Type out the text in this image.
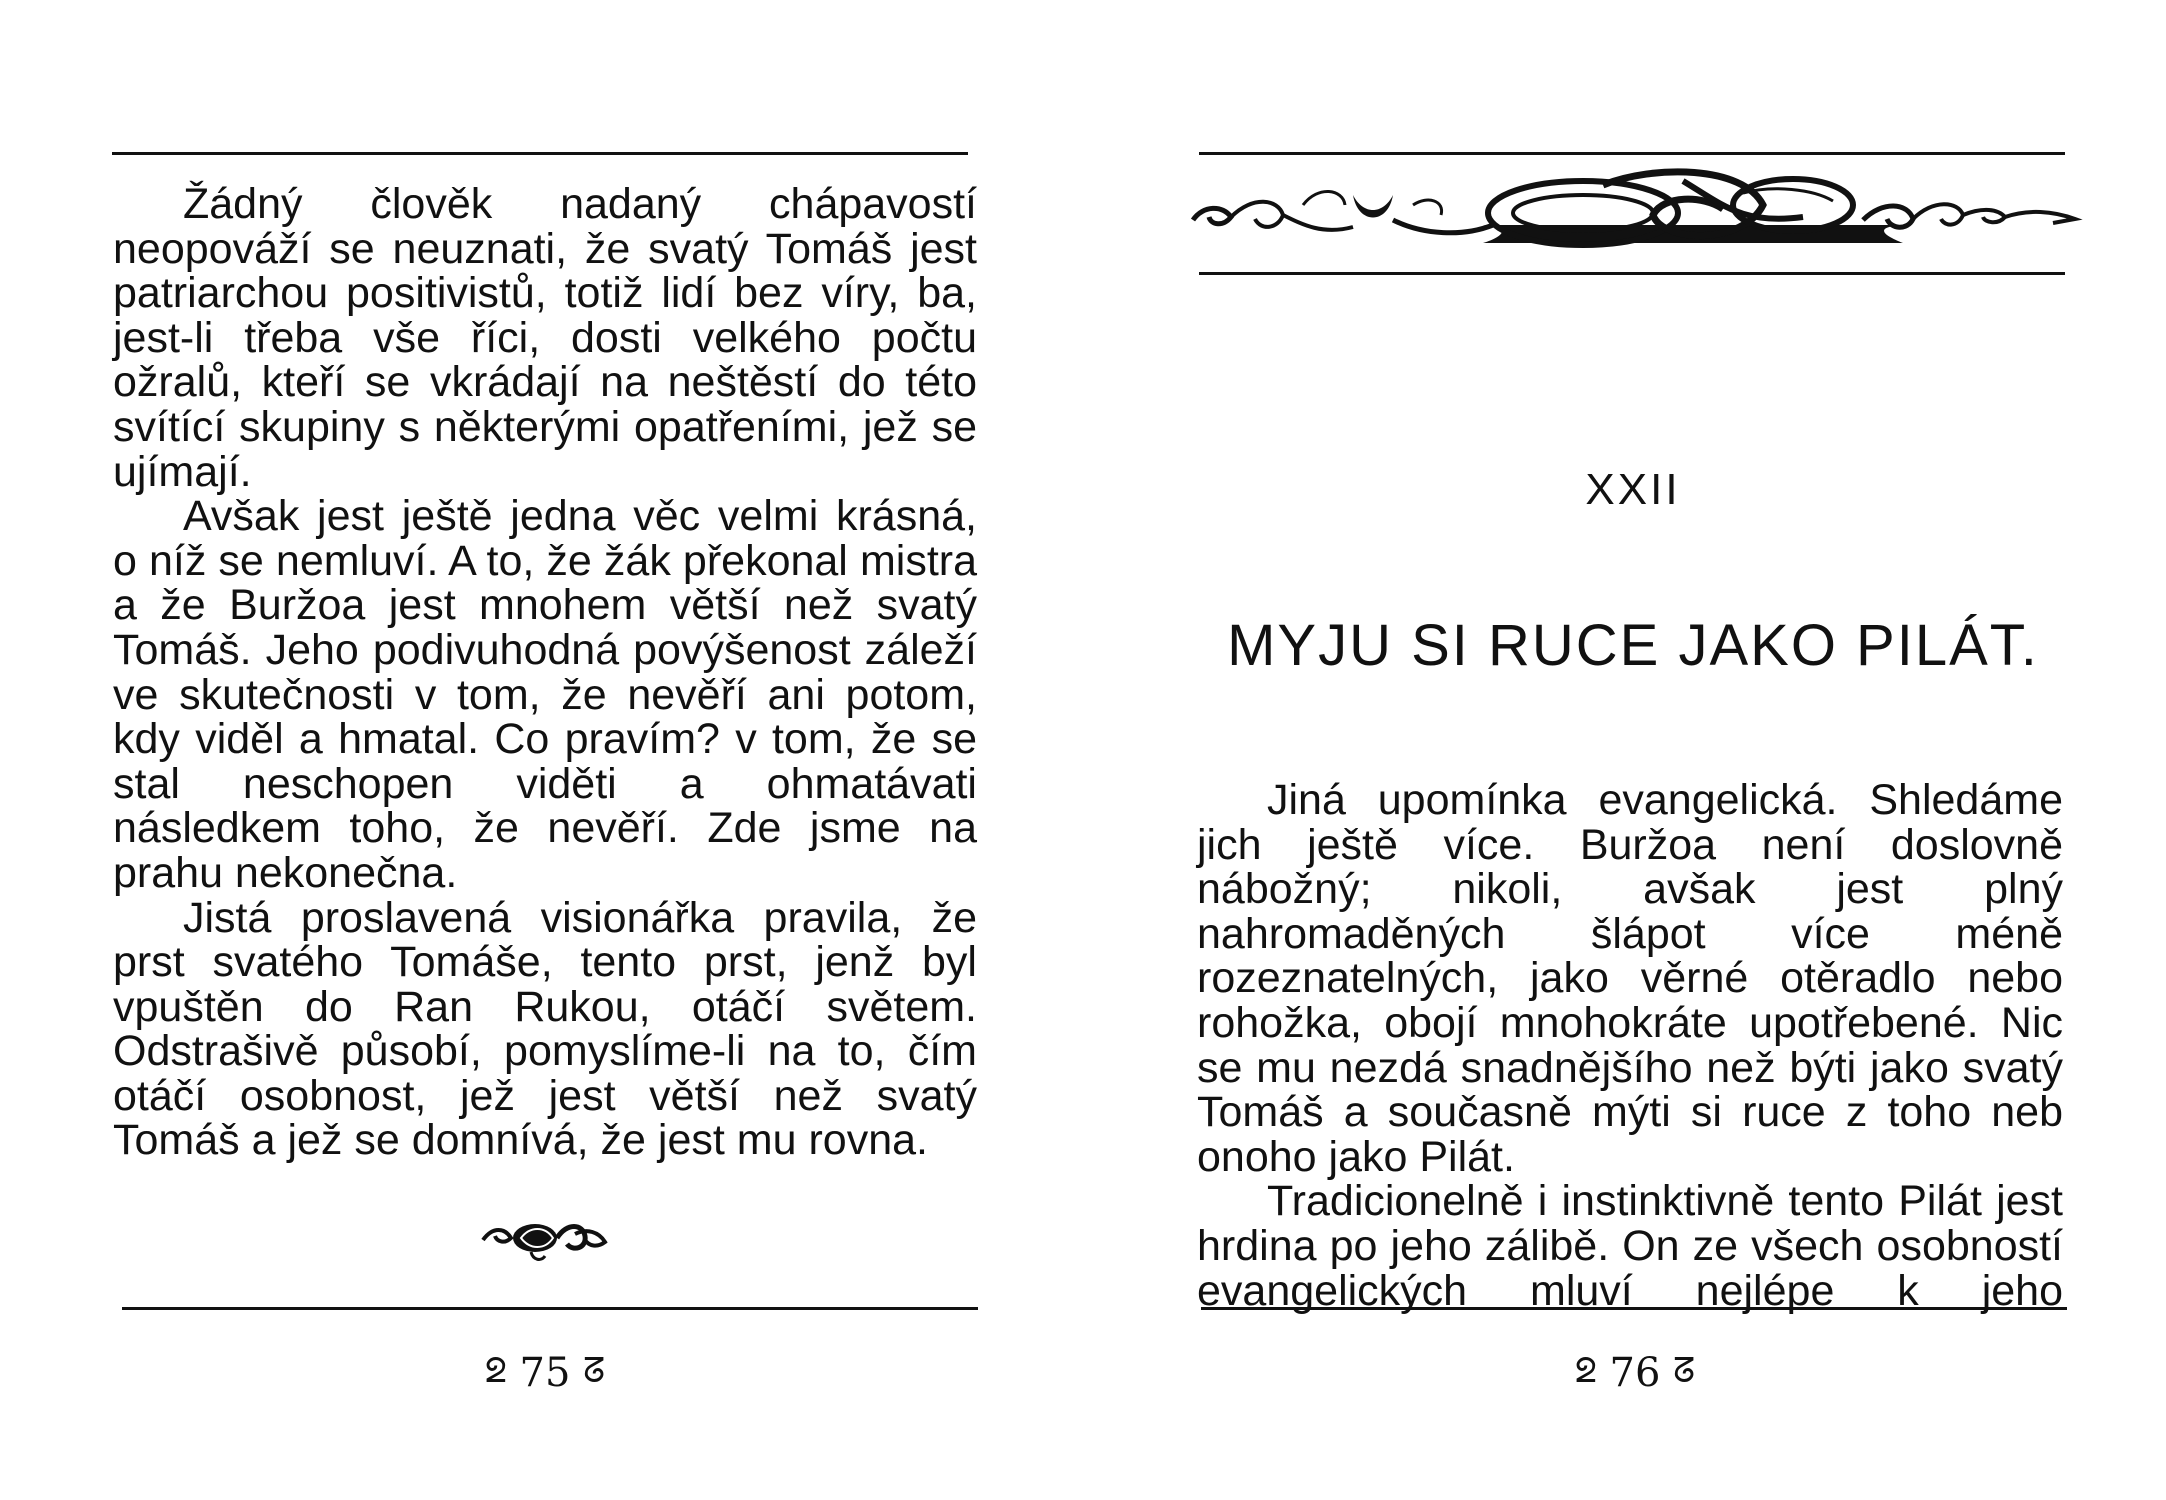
Žádný člověk nadaný chápavostí neopováží se neuznati, že svatý Tomáš jest patriarchou positivistů, totiž lidí bez víry, ba, jest-li třeba vše říci, dosti velkého počtu ožralů, kteří se vkrádají na neštěstí do této svítící skupiny s některými opatřeními, jež se ujímají.

Avšak jest ještě jedna věc velmi krásná, o níž se nemluví. A to, že žák překonal mistra a že Buržoa jest mnohem větší než svatý Tomáš. Jeho podivuhodná povýšenost záleží ve skutečnosti v tom, že nevěří ani potom, kdy viděl a hmatal. Co pravím? v tom, že se stal neschopen viděti a ohmatávati následkem toho, že nevěří. Zde jsme na prahu nekonečna.

Jistá proslavená visionářka pravila, že prst svatého Tomáše, tento prst, jenž byl vpuštěn do Ran Rukou, otáčí světem. Odstrašivě působí, pomyslíme-li na to, čím otáčí osobnost, jež jest větší než svatý Tomáš a jež se domnívá, že jest mu rovna.

ᘖ 75 ᘔ
XXII
MYJU SI RUCE JAKO PILÁT.

Jiná upomínka evangelická. Shledáme jich ještě více. Buržoa není doslovně nábožný; nikoli, avšak jest plný nahromaděných šlápot více méně rozeznatelných, jako věrné otěradlo nebo rohožka, obojí mnohokráte upotřebené. Nic se mu nezdá snadnějšího než býti jako svatý Tomáš a současně mýti si ruce z toho neb onoho jako Pilát.

Tradicionelně i instinktivně tento Pilát jest hrdina po jeho zálibě. On ze všech osobností evangelických mluví nejlépe k jeho

ᘖ 76 ᘔ
